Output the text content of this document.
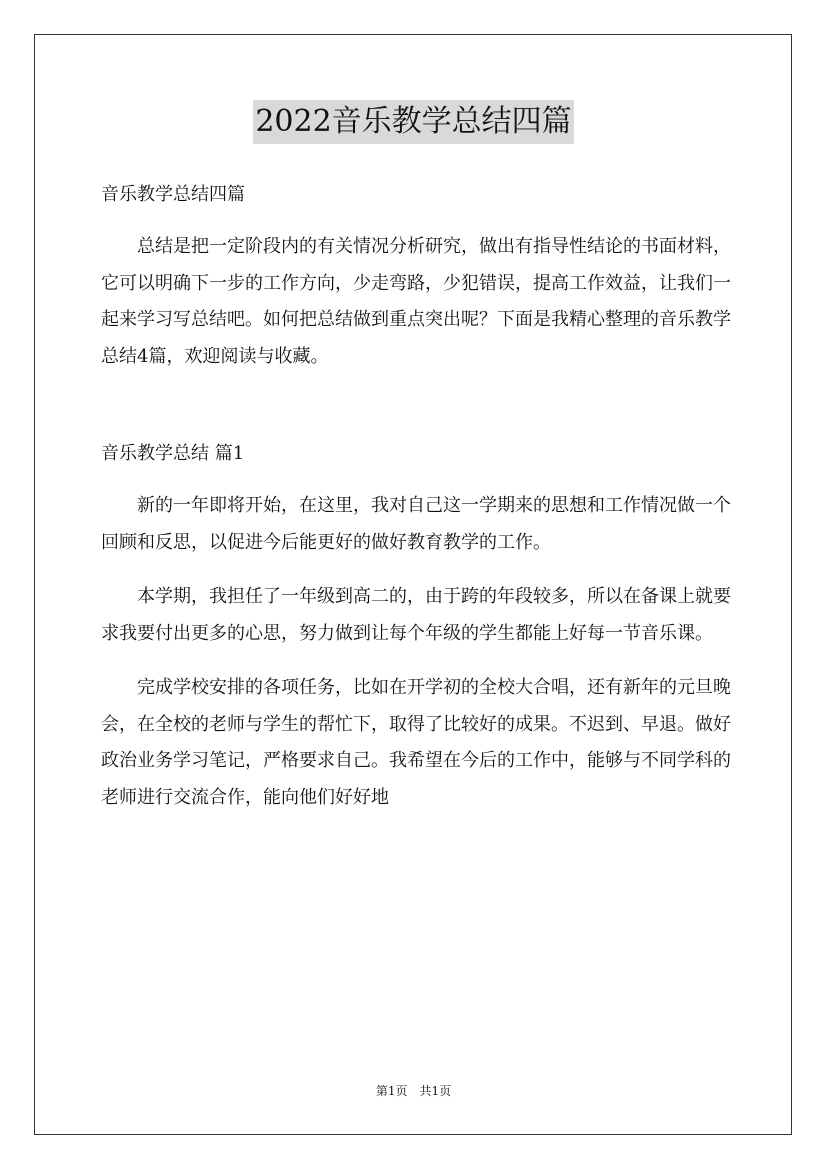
2022音乐教学总结四篇

音乐教学总结四篇

总结是把一定阶段内的有关情况分析研究，做出有指导性结论的书面材料，它可以明确下一步的工作方向，少走弯路，少犯错误，提高工作效益，让我们一起来学习写总结吧。如何把总结做到重点突出呢？下面是我精心整理的音乐教学总结4篇，欢迎阅读与收藏。

音乐教学总结 篇1

新的一年即将开始，在这里，我对自己这一学期来的思想和工作情况做一个回顾和反思，以促进今后能更好的做好教育教学的工作。

本学期，我担任了一年级到高二的，由于跨的年段较多，所以在备课上就要求我要付出更多的心思，努力做到让每个年级的学生都能上好每一节音乐课。

完成学校安排的各项任务，比如在开学初的全校大合唱，还有新年的元旦晚会，在全校的老师与学生的帮忙下，取得了比较好的成果。不迟到、早退。做好政治业务学习笔记，严格要求自己。我希望在今后的工作中，能够与不同学科的老师进行交流合作，能向他们好好地

第1页 共1页
